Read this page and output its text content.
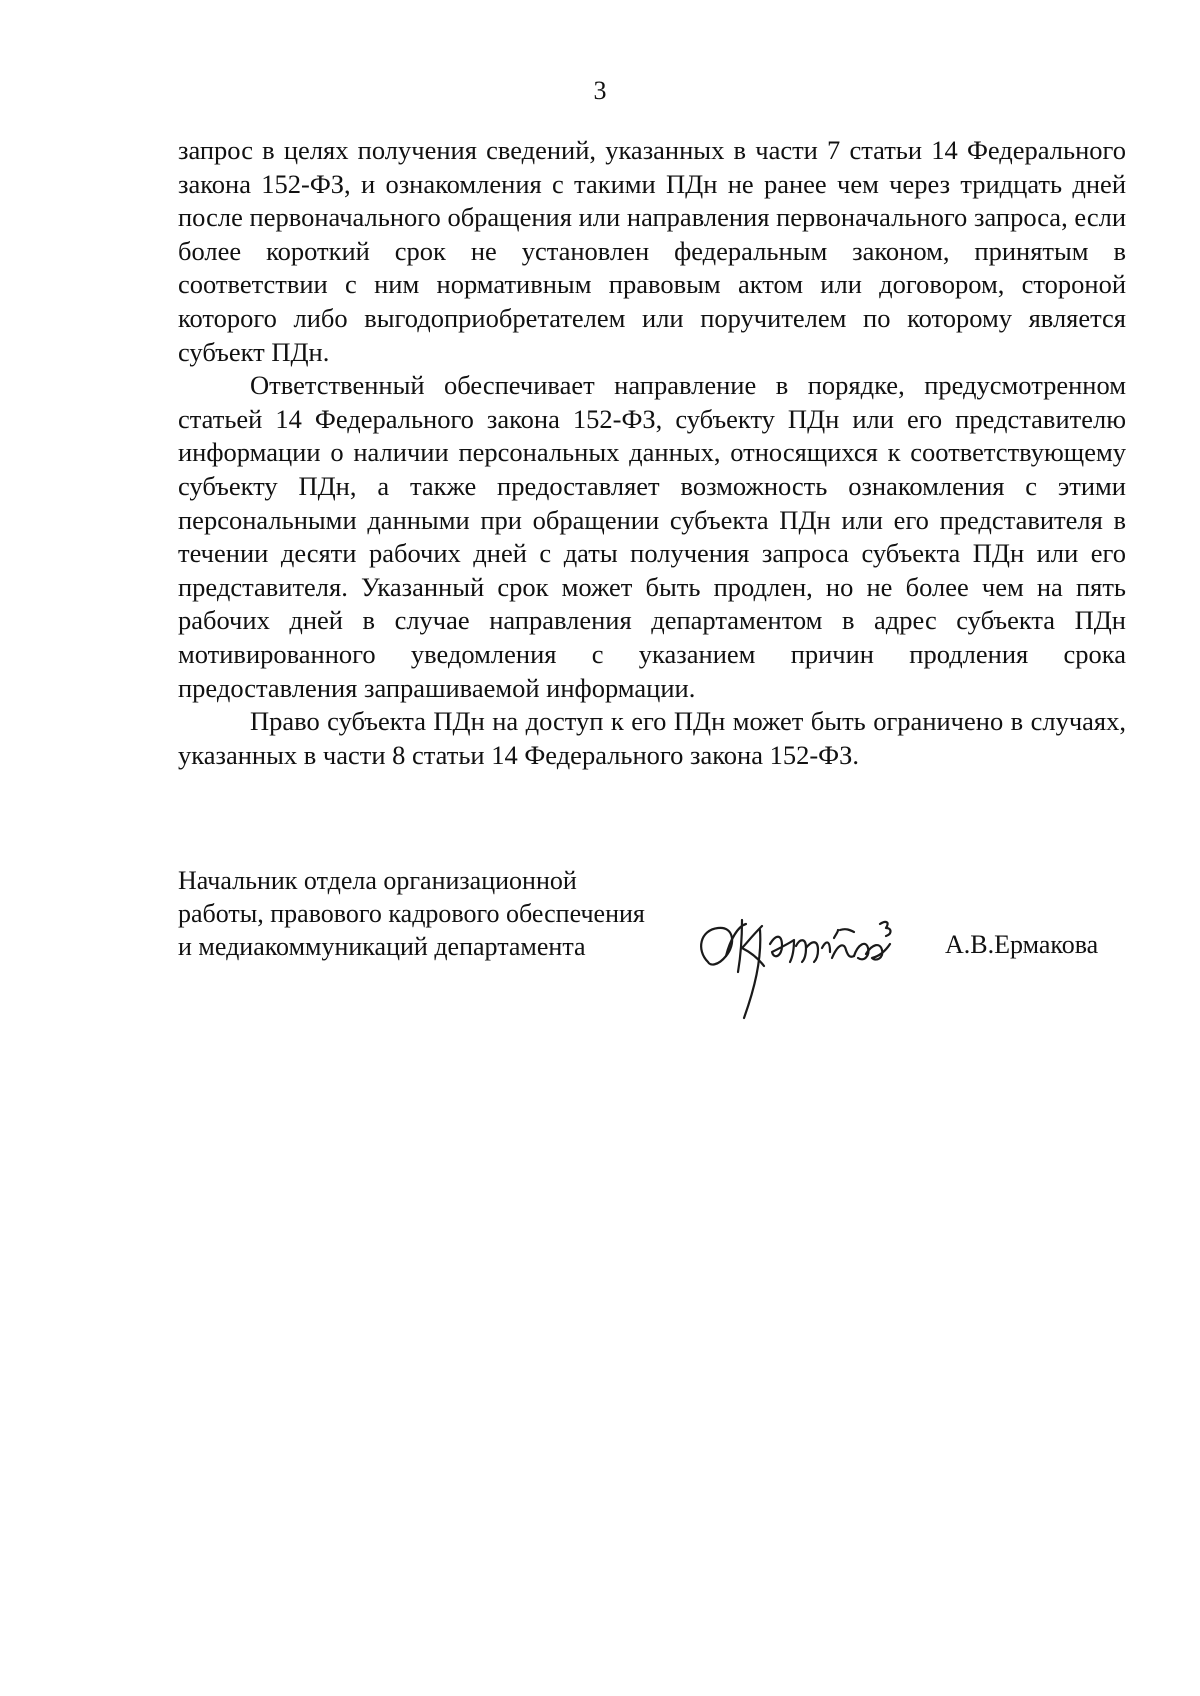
3

запрос в целях получения сведений, указанных в части 7 статьи 14 Федерального закона 152-ФЗ, и ознакомления с такими ПДн не ранее чем через тридцать дней после первоначального обращения или направления первоначального запроса, если более короткий срок не установлен федеральным законом, принятым в соответствии с ним нормативным правовым актом или договором, стороной которого либо выгодоприобретателем или поручителем по которому является субъект ПДн.

Ответственный обеспечивает направление в порядке, предусмотренном статьей 14 Федерального закона 152-ФЗ, субъекту ПДн или его представителю информации о наличии персональных данных, относящихся к соответствующему субъекту ПДн, а также предоставляет возможность ознакомления с этими персональными данными при обращении субъекта ПДн или его представителя в течении десяти рабочих дней с даты получения запроса субъекта ПДн или его представителя. Указанный срок может быть продлен, но не более чем на пять рабочих дней в случае направления департаментом в адрес субъекта ПДн мотивированного уведомления с указанием причин продления срока предоставления запрашиваемой информации.

Право субъекта ПДн на доступ к его ПДн может быть ограничено в случаях, указанных в части 8 статьи 14 Федерального закона 152-ФЗ.

Начальник отдела организационной
работы, правового кадрового обеспечения
и медиакоммуникаций департамента	А.В.Ермакова
